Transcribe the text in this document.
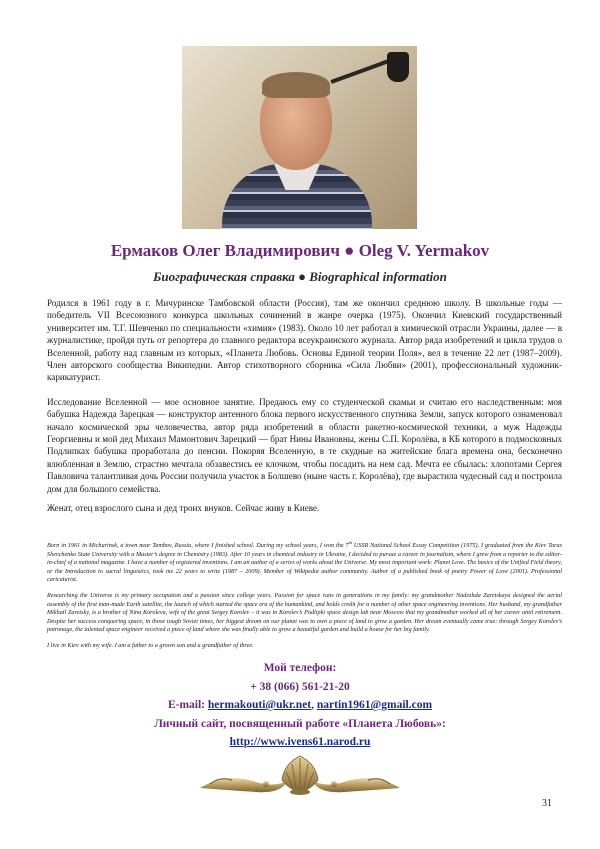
Ермаков Олег Владимирович ● Oleg V. Yermakov
Биографическая справка ● Biographical information

Родился в 1961 году в г. Мичуринске Тамбовской области (Россия), там же окончил среднюю школу. В школьные годы — победитель VII Всесоюзного конкурса школьных сочинений в жанре очерка (1975). Окончил Киевский государственный университет им. Т.Г. Шевченко по специальности «химия» (1983). Около 10 лет работал в химической отрасли Украины, далее — в журналистике, пройдя путь от репортера до главного редактора всеукраинского журнала. Автор ряда изобретений и цикла трудов о Вселенной, работу над главным из которых, «Планета Любовь. Основы Единой теории Поля», вел в течение 22 лет (1987–2009). Член авторского сообщества Википедии. Автор стихотворного сборника «Сила Любви» (2001), профессиональный художник-карикатурист.

Исследование Вселенной — мое основное занятие. Предаюсь ему со студенческой скамьи и считаю его наследственным: моя бабушка Надежда Зарецкая — конструктор антенного блока первого искусственного спутника Земли, запуск которого ознаменовал начало космической эры человечества, автор ряда изобретений в области ракетно-космической техники, а муж Надежды Георгиевны и мой дед Михаил Мамонтович Зарецкий — брат Нины Ивановны, жены С.П. Королёва, в КБ которого в подмосковных Подлипках бабушка проработала до пенсии. Покоряя Вселенную, в те скудные на житейские блага времена она, бесконечно влюбленная в Землю, страстно мечтала обзавестись ее клочком, чтобы посадить на нем сад. Мечта ее сбылась: хлопотами Сергея Павловича талантливая дочь России получила участок в Болшево (ныне часть г. Королёва), где вырастила чудесный сад и построила дом для большого семейства.

Женат, отец взрослого сына и дед троих внуков. Сейчас живу в Киеве.

Born in 1961 in Michurinsk, a town near Tambov, Russia, where I finished school. During my school years, I won the 7th USSR National School Essay Competition (1975). I graduated from the Kiev Taras Shevchenko State University with a Master’s degree in Chemistry (1983). After 10 years in chemical industry in Ukraine, I decided to pursue a career in journalism, where I grew from a reporter to the editor-in-chief of a national magazine. I have a number of registered inventions. I am an author of a series of works about the Universe. My most important work: Planet Love. The basics of the Unified Field theory, or the Introduction to sacral linguistics, took me 22 years to write (1987 – 2009). Member of Wikipedia author community. Author of a published book of poetry Power of Love (2001). Professional caricaturist.

Researching the Universe is my primary occupation and a passion since college years. Passion for space runs in generations in my family: my grandmother Nadezhda Zaretskaya designed the aerial assembly of the first man-made Earth satellite, the launch of which started the space era of the humankind, and holds credit for a number of other space engineering inventions. Her husband, my grandfather Mikhail Zaretsky, is a brother of Nina Koroleva, wife of the great Sergey Korolev – it was in Korolev’s Podlipki space design lab near Moscow that my grandmother worked all of her career until retirement. Despite her success conquering space, in those tough Soviet times, her biggest dream on our planet was to own a piece of land to grow a garden. Her dream eventually came true: through Sergey Korolev’s patronage, the talented space engineer received a piece of land where she was finally able to grow a beautiful garden and build a house for her big family.

I live in Kiev with my wife. I am a father to a grown son and a grandfather of three.

Мой телефон:
+ 38 (066) 561-21-20
E-mail: hermakouti@ukr.net, nartin1961@gmail.com
Личный сайт, посвященный работе «Планета Любовь»:
http://www.ivens61.narod.ru
31
